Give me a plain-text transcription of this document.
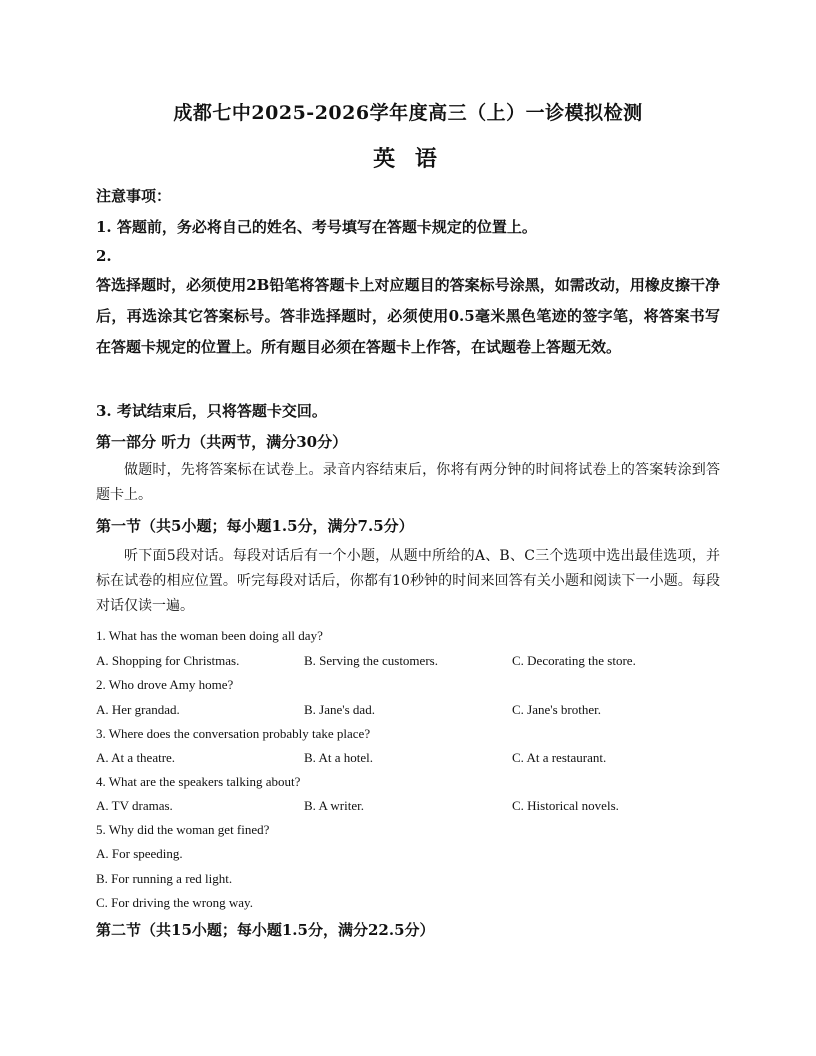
成都七中2025-2026学年度高三（上）一诊模拟检测
英 语
注意事项：
1. 答题前，务必将自己的姓名、考号填写在答题卡规定的位置上。
2.
答选择题时，必须使用2B铅笔将答题卡上对应题目的答案标号涂黑，如需改动，用橡皮擦干净后，再选涂其它答案标号。答非选择题时，必须使用0.5毫米黑色笔迹的签字笔，将答案书写在答题卡规定的位置上。所有题目必须在答题卡上作答，在试题卷上答题无效。
3. 考试结束后，只将答题卡交回。
第一部分 听力（共两节，满分30分）
做题时，先将答案标在试卷上。录音内容结束后，你将有两分钟的时间将试卷上的答案转涂到答题卡上。
第一节（共5小题；每小题1.5分，满分7.5分）
听下面5段对话。每段对话后有一个小题，从题中所给的A、B、C三个选项中选出最佳选项，并标在试卷的相应位置。听完每段对话后，你都有10秒钟的时间来回答有关小题和阅读下一小题。每段对话仅读一遍。
1. What has the woman been doing all day?
A. Shopping for Christmas.	B. Serving the customers.	C. Decorating the store.
2. Who drove Amy home?
A. Her grandad.	B. Jane's dad.	C. Jane's brother.
3. Where does the conversation probably take place?
A. At a theatre.	B. At a hotel.	C. At a restaurant.
4. What are the speakers talking about?
A. TV dramas.	B. A writer.	C. Historical novels.
5. Why did the woman get fined?
A. For speeding.
B. For running a red light.
C. For driving the wrong way.
第二节（共15小题；每小题1.5分，满分22.5分）
